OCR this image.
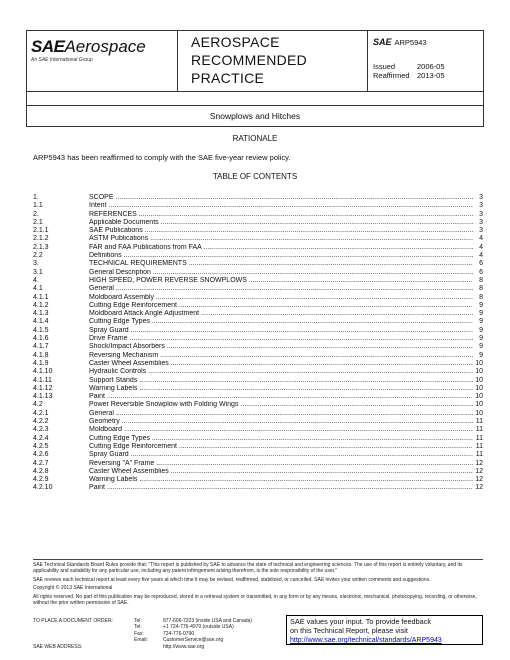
SAEAerospace
An SAE International Group
AEROSPACE
RECOMMENDED
PRACTICE
SAE ARP5943
Issued	2006-05
Reaffirmed 2013-05
Snowplows and Hitches
RATIONALE
ARP5943 has been reaffirmed to comply with the SAE five-year review policy.
TABLE OF CONTENTS
1.	SCOPE .....	3
1.1	Intent .....	3
2.	REFERENCES .....	3
2.1	Applicable Documents .....	3
2.1.1	SAE Publications .....	3
2.1.2	ASTM Publications .....	4
2.1.3	FAR and FAA Publications from FAA .....	4
2.2	Definitions .....	4
3.	TECHNICAL REQUIREMENTS .....	6
3.1	General Description .....	6
4.	HIGH SPEED, POWER REVERSE SNOWPLOWS .....	8
4.1	General .....	8
4.1.1	Moldboard Assembly .....	8
4.1.2	Cutting Edge Reinforcement .....	9
4.1.3	Moldboard Attack Angle Adjustment .....	9
4.1.4	Cutting Edge Types .....	9
4.1.5	Spray Guard .....	9
4.1.6	Drive Frame .....	9
4.1.7	Shock/Impact Absorbers .....	9
4.1.8	Reversing Mechanism .....	9
4.1.9	Caster Wheel Assemblies .....	10
4.1.10	Hydraulic Controls .....	10
4.1.11	Support Stands .....	10
4.1.12	Warning Labels .....	10
4.1.13	Paint .....	10
4.2	Power Reversible Snowplow with Folding Wings .....	10
4.2.1	General .....	10
4.2.2	Geometry .....	11
4.2.3	Moldboard .....	11
4.2.4	Cutting Edge Types .....	11
4.2.5	Cutting Edge Reinforcement .....	11
4.2.6	Spray Guard .....	11
4.2.7	Reversing "A" Frame .....	12
4.2.8	Caster Wheel Assemblies .....	12
4.2.9	Warning Labels .....	12
4.2.10	Paint .....	12

SAE Technical Standards Board Rules provide that: "This report is published by SAE to advance the state of technical and engineering sciences. The use of this report is entirely voluntary, and its applicability and suitability for any particular use, including any patent infringement arising therefrom, is the sole responsibility of the user."

SAE reviews each technical report at least every five years at which time it may be revised, reaffirmed, stabilized, or cancelled. SAE invites your written comments and suggestions.

Copyright © 2013 SAE International

All rights reserved. No part of this publication may be reproduced, stored in a retrieval system or transmitted, in any form or by any means, electronic, mechanical, photocopying, recording, or otherwise, without the prior written permission of SAE.

TO PLACE A DOCUMENT ORDER:	Tel:	877-606-7323 (inside USA and Canada)
Tel:	+1 724-776-4970 (outside USA)
Fax:	724-776-0790
Email:	CustomerService@sae.org
SAE WEB ADDRESS:	http://www.sae.org
SAE values your input. To provide feedback
on this Technical Report, please visit
http://www.sae.org/technical/standards/ARP5943
